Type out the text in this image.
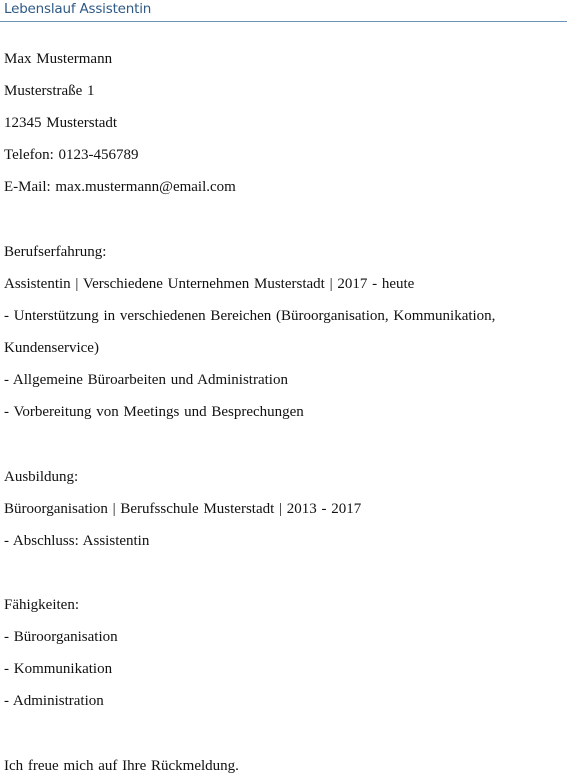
Lebenslauf Assistentin
Max Mustermann
Musterstraße 1
12345 Musterstadt
Telefon: 0123-456789
E-Mail: max.mustermann@email.com
Berufserfahrung:
Assistentin | Verschiedene Unternehmen Musterstadt | 2017 - heute
- Unterstützung in verschiedenen Bereichen (Büroorganisation, Kommunikation,
Kundenservice)
- Allgemeine Büroarbeiten und Administration
- Vorbereitung von Meetings und Besprechungen
Ausbildung:
Büroorganisation | Berufsschule Musterstadt | 2013 - 2017
- Abschluss: Assistentin
Fähigkeiten:
- Büroorganisation
- Kommunikation
- Administration
Ich freue mich auf Ihre Rückmeldung.
